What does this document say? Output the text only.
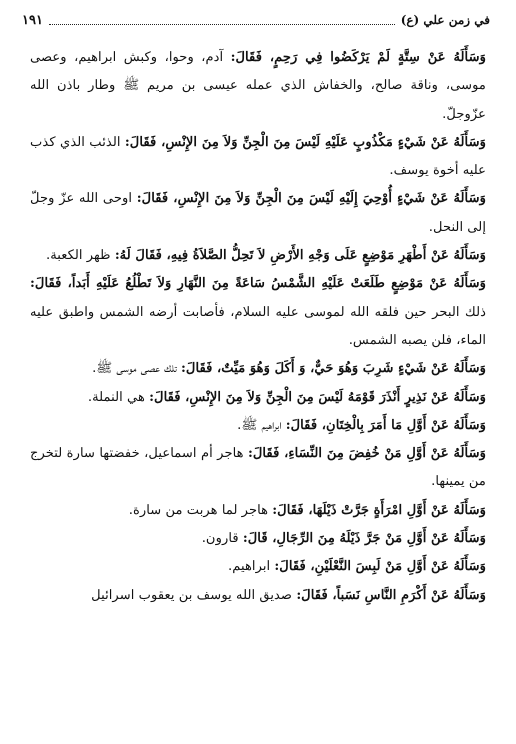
في زمن علي (ع)
١٩١

وَسَأَلَهُ عَنْ سِتَّةٍ لَمْ يَرْكَضُوا فِي رَحِمٍ، فَقَالَ: آدم، وحوا، وكبش ابراهيم، وعصى موسى، وناقة صالح، والخفاش الذي عمله عيسى بن مريم ﷺ وطار باذن الله عزّوجلّ.

وَسَأَلَهُ عَنْ شَيْءٍ مَكْذُوبٍ عَلَيْهِ لَيْسَ مِنَ الْجِنِّ وَلاَ مِنَ الإِنْسِ، فَقَالَ: الذئب الذي كذب عليه أخوة يوسف.

وَسَأَلَهُ عَنْ شَيْءٍ أُوْحِيَ إِلَيْهِ لَيْسَ مِنَ الْجِنِّ وَلاَ مِنَ الإِنْسِ، فَقَالَ: اوحى الله عزّ وجلّ إلى النحل.

وَسَأَلَهُ عَنْ أَطْهَرِ مَوْضِعٍ عَلَى وَجْهِ الأَرْضِ لاَ تَحِلُّ الصَّلاَةُ فِيهِ، فَقَالَ لَهُ: ظهر الكعبة.

وَسَأَلَهُ عَنْ مَوْضِعٍ طَلَعَتْ عَلَيْهِ الشَّمْسُ سَاعَةً مِنَ النَّهَارِ وَلاَ تَطْلُعُ عَلَيْهِ أَبَداً، فَقَالَ: ذلك البحر حين فلقه الله لموسى عليه السلام، فأصابت أرضه الشمس واطبق عليه الماء، فلن يصبه الشمس.

وَسَأَلَهُ عَنْ شَيْءٍ شَرِبَ وَهُوَ حَيٌّ، وَ أَكَلَ وَهُوَ مَيِّتٌ، فَقَالَ: تلك عصى موسى ﷺ.

وَسَأَلَهُ عَنْ نَذِيرٍ أَنْذَرَ قَوْمَهُ لَيْسَ مِنَ الْجِنِّ وَلاَ مِنَ الإِنْسِ، فَقَالَ: هي النملة.

وَسَأَلَهُ عَنْ أَوَّلِ مَا أَمَرَ بِالْخِتَانِ، فَقَالَ: ابراهيم ﷺ.

وَسَأَلَهُ عَنْ أَوَّلِ مَنْ خُفِضَ مِنَ النِّسَاءِ، فَقَالَ: هاجر أم اسماعيل، خفضتها سارة لتخرج من يمينها.

وَسَأَلَهُ عَنْ أَوَّلِ امْرَأَةٍ جَرَّتْ ذَيْلَهَا، فَقَالَ: هاجر لما هربت من سارة.

وَسَأَلَهُ عَنْ أَوَّلِ مَنْ جَرَّ ذَيْلَهُ مِنَ الرِّجَالِ، قَالَ: قارون.

وَسَأَلَهُ عَنْ أَوَّلِ مَنْ لَبِسَ النَّعْلَيْنِ، فَقَالَ: ابراهيم.

وَسَأَلَهُ عَنْ أَكْرَمِ النَّاسِ نَسَباً، فَقَالَ: صديق الله يوسف بن يعقوب اسرائيل
